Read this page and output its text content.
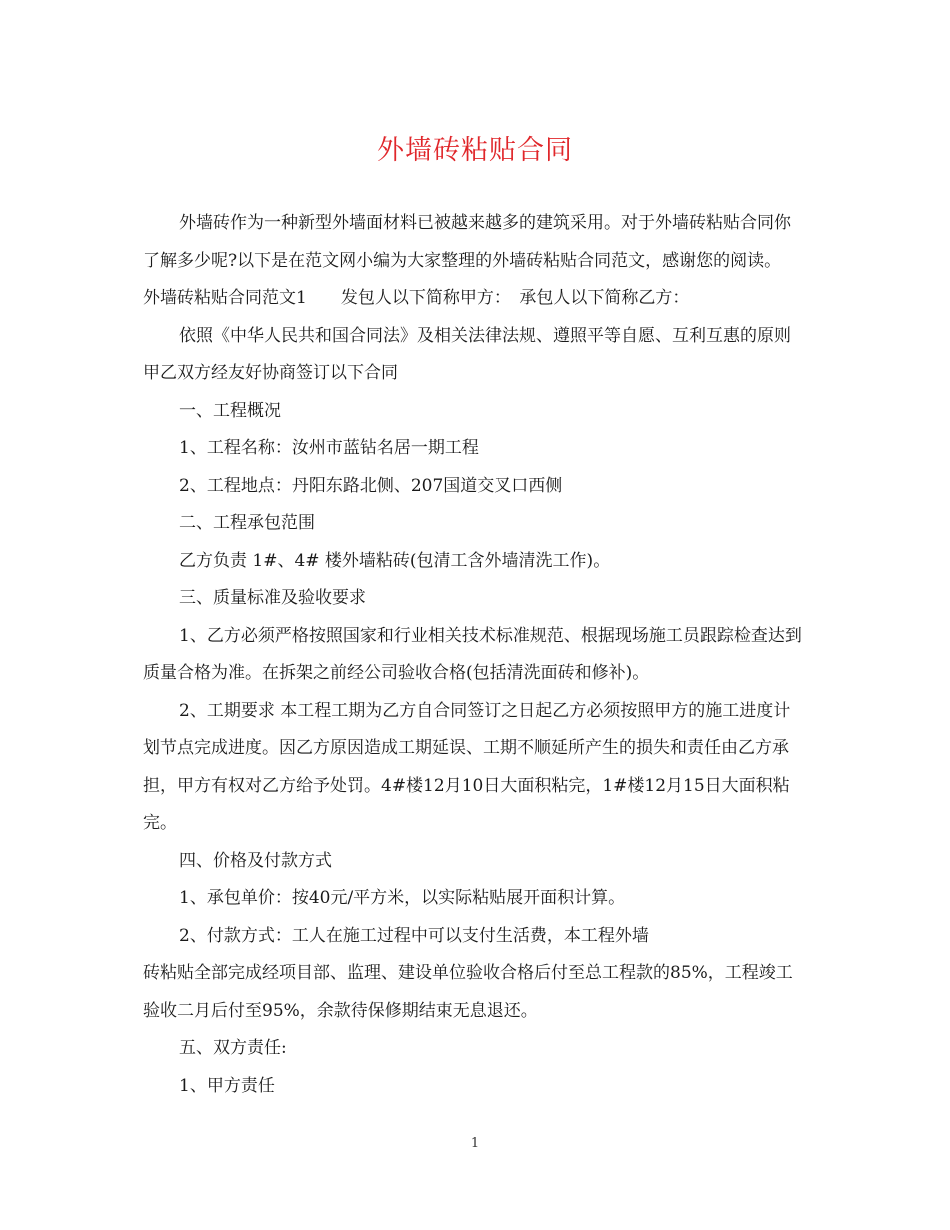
外墙砖粘贴合同

外墙砖作为一种新型外墙面材料已被越来越多的建筑采用。对于外墙砖粘贴合同你了解多少呢?以下是在范文网小编为大家整理的外墙砖粘贴合同范文，感谢您的阅读。

外墙砖粘贴合同范文1　　发包人以下简称甲方：　承包人以下简称乙方：

依照《中华人民共和国合同法》及相关法律法规、遵照平等自愿、互利互惠的原则甲乙双方经友好协商签订以下合同

一、工程概况

1、工程名称：汝州市蓝钻名居一期工程

2、工程地点：丹阳东路北侧、207国道交叉口西侧

二、工程承包范围

乙方负责 1#、4# 楼外墙粘砖(包清工含外墙清洗工作)。

三、质量标准及验收要求

1、乙方必须严格按照国家和行业相关技术标准规范、根据现场施工员跟踪检查达到质量合格为准。在拆架之前经公司验收合格(包括清洗面砖和修补)。

2、工期要求 本工程工期为乙方自合同签订之日起乙方必须按照甲方的施工进度计划节点完成进度。因乙方原因造成工期延误、工期不顺延所产生的损失和责任由乙方承担，甲方有权对乙方给予处罚。4#楼12月10日大面积粘完，1#楼12月15日大面积粘完。

四、价格及付款方式

1、承包单价：按40元/平方米，以实际粘贴展开面积计算。

2、付款方式：工人在施工过程中可以支付生活费，本工程外墙

砖粘贴全部完成经项目部、监理、建设单位验收合格后付至总工程款的85%，工程竣工验收二月后付至95%，余款待保修期结束无息退还。

五、双方责任:

1、甲方责任

1
